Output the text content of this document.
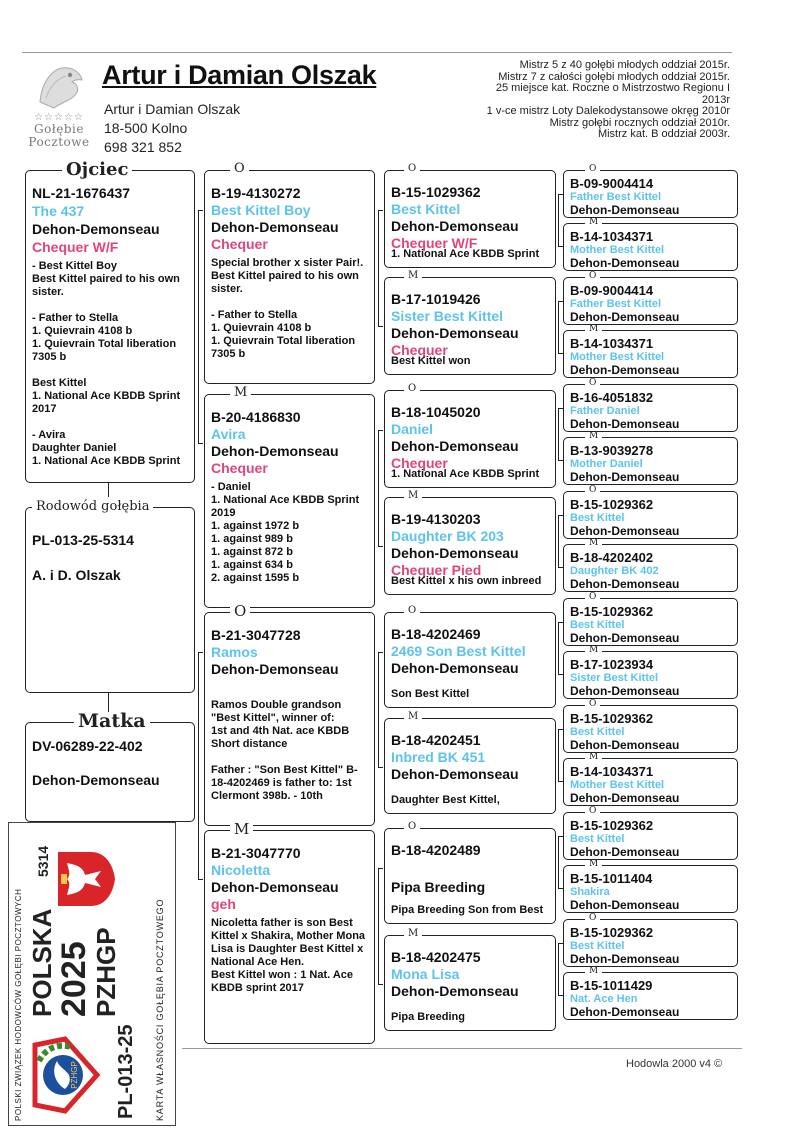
☆☆☆☆☆
Gołębie
Pocztowe
Artur i Damian Olszak
Artur i Damian Olszak
18-500 Kolno
698 321 852
Mistrz 5 z 40 gołębi młodych oddział 2015r.
Mistrz 7 z całości gołębi młodych oddział 2015r.
25 miejsce kat. Roczne o Mistrzostwo Regionu I
2013r
1 v-ce mistrz Loty Dalekodystansowe okręg 2010r
Mistrz gołębi rocznych oddział 2010r.
Mistrz kat. B oddział 2003r.
NL-21-1676437
The 437
Dehon-Demonseau
Chequer W/F
- Best Kittel Boy
Best Kittel paired to his own sister.

- Father to Stella
1. Quievrain 4108 b
1. Quievrain Total liberation 7305 b

Best Kittel
1. National Ace KBDB Sprint 2017

- Avira
Daughter Daniel
1. National Ace KBDB Sprint
Ojciec
PL-013-25-5314
A. i D. Olszak
Rodowód gołębia
DV-06289-22-402
Dehon-Demonseau
Matka
POLSKI ZWIĄZEK HODOWCÓW GOŁĘBI POCZTOWYCH POLSKA
2025
PZHGP
5314
PZHGP PL-013-25 KARTA WŁASNOŚCI GOŁĘBIA POCZTOWEGO	Hodowla 2000 v4 ©
B-19-4130272
Best Kittel Boy
Dehon-Demonseau
Chequer
Special brother x sister Pair!. Best Kittel paired to his own sister.

- Father to Stella
1. Quievrain 4108 b
1. Quievrain Total liberation 7305 b
O
B-20-4186830
Avira
Dehon-Demonseau
Chequer
- Daniel
1. National Ace KBDB Sprint 2019
1. against 1972 b
1. against 989 b
1. against 872 b
1. against 634 b
2. against 1595 b
M
B-21-3047728
Ramos
Dehon-Demonseau
Ramos Double grandson "Best Kittel", winner of:
1st and 4th Nat. ace KBDB Short distance

Father : "Son Best Kittel" B-18-4202469 is father to: 1st Clermont 398b. - 10th
O
B-21-3047770
Nicoletta
Dehon-Demonseau
geh
Nicoletta father is son Best Kittel x Shakira, Mother Mona
Lisa is Daughter Best Kittel x National Ace Hen.
Best Kittel won : 1 Nat. Ace KBDB sprint 2017
M
B-15-1029362
Best Kittel
Dehon-Demonseau
Chequer W/F
1. National Ace KBDB Sprint
O
B-17-1019426
Sister Best Kittel
Dehon-Demonseau
Chequer
Best Kittel won
M
B-18-1045020
Daniel
Dehon-Demonseau
Chequer
1. National Ace KBDB Sprint
O
B-19-4130203
Daughter BK 203
Dehon-Demonseau
Chequer Pied
Best Kittel x his own inbreed
M
B-18-4202469
2469 Son Best Kittel
Dehon-Demonseau
Son Best Kittel
O
B-18-4202451
Inbred BK 451
Dehon-Demonseau
Daughter Best Kittel,
M
B-18-4202489
Pipa Breeding
Pipa Breeding Son from Best
O
B-18-4202475
Mona Lisa
Dehon-Demonseau
Pipa Breeding
M
B-09-9004414
Father Best Kittel
Dehon-Demonseau
O
B-14-1034371
Mother Best Kittel
Dehon-Demonseau
M
B-09-9004414
Father Best Kittel
Dehon-Demonseau
O
B-14-1034371
Mother Best Kittel
Dehon-Demonseau
M
B-16-4051832
Father Daniel
Dehon-Demonseau
O
B-13-9039278
Mother Daniel
Dehon-Demonseau
M
B-15-1029362
Best Kittel
Dehon-Demonseau
O
B-18-4202402
Daughter BK 402
Dehon-Demonseau
M
B-15-1029362
Best Kittel
Dehon-Demonseau
O
B-17-1023934
Sister Best Kittel
Dehon-Demonseau
M
B-15-1029362
Best Kittel
Dehon-Demonseau
O
B-14-1034371
Mother Best Kittel
Dehon-Demonseau
M
B-15-1029362
Best Kittel
Dehon-Demonseau
O
B-15-1011404
Shakira
Dehon-Demonseau
M
B-15-1029362
Best Kittel
Dehon-Demonseau
O
B-15-1011429
Nat. Ace Hen
Dehon-Demonseau
M
